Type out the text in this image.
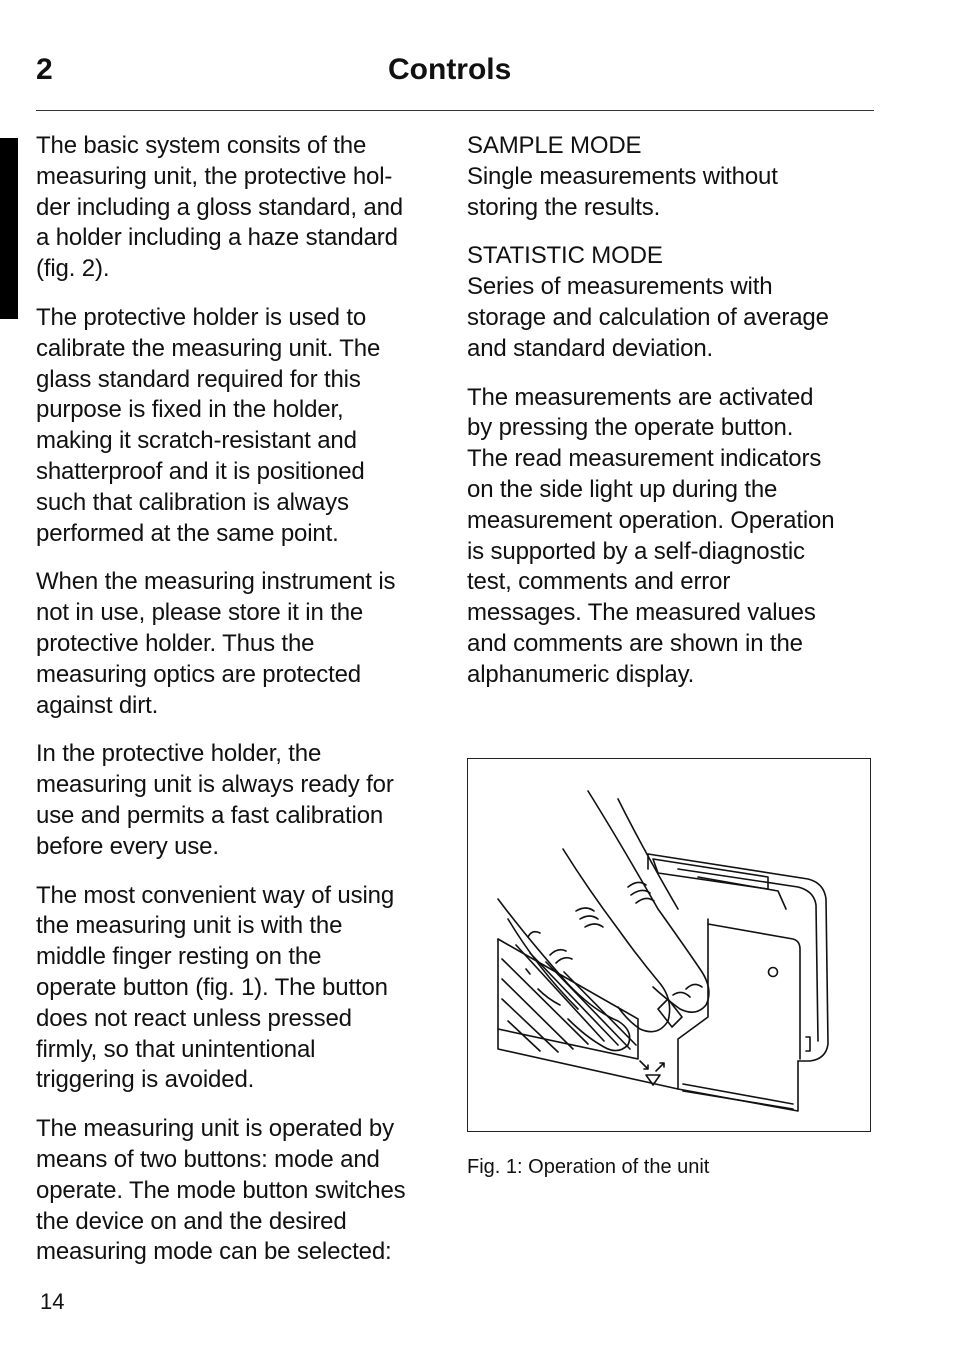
2	Controls

The basic system consits of the
measuring unit, the protective hol-
der including a gloss standard, and
a holder including a haze standard
(fig. 2).

The protective holder is used to
calibrate the measuring unit. The
glass standard required for this
purpose is fixed in the holder,
making it scratch-resistant and
shatterproof and it is positioned
such that calibration is always
performed at the same point.

When the measuring instrument is
not in use, please store it in the
protective holder. Thus the
measuring optics are protected
against dirt.

In the protective holder, the
measuring unit is always ready for
use and permits a fast calibration
before every use.

The most convenient way of using
the measuring unit is with the
middle finger resting on the
operate button (fig. 1). The button
does not react unless pressed
firmly, so that unintentional
triggering is avoided.

The measuring unit is operated by
means of two buttons: mode and
operate. The mode button switches
the device on and the desired
measuring mode can be selected:

SAMPLE MODE
Single measurements without
storing the results.

STATISTIC MODE
Series of measurements with
storage and calculation of average
and standard deviation.

The measurements are activated
by pressing the operate button.
The read measurement indicators
on the side light up during the
measurement operation. Operation
is supported by a self-diagnostic
test, comments and error
messages. The measured values
and comments are shown in the
alphanumeric display.

Fig. 1: Operation of the unit
14
